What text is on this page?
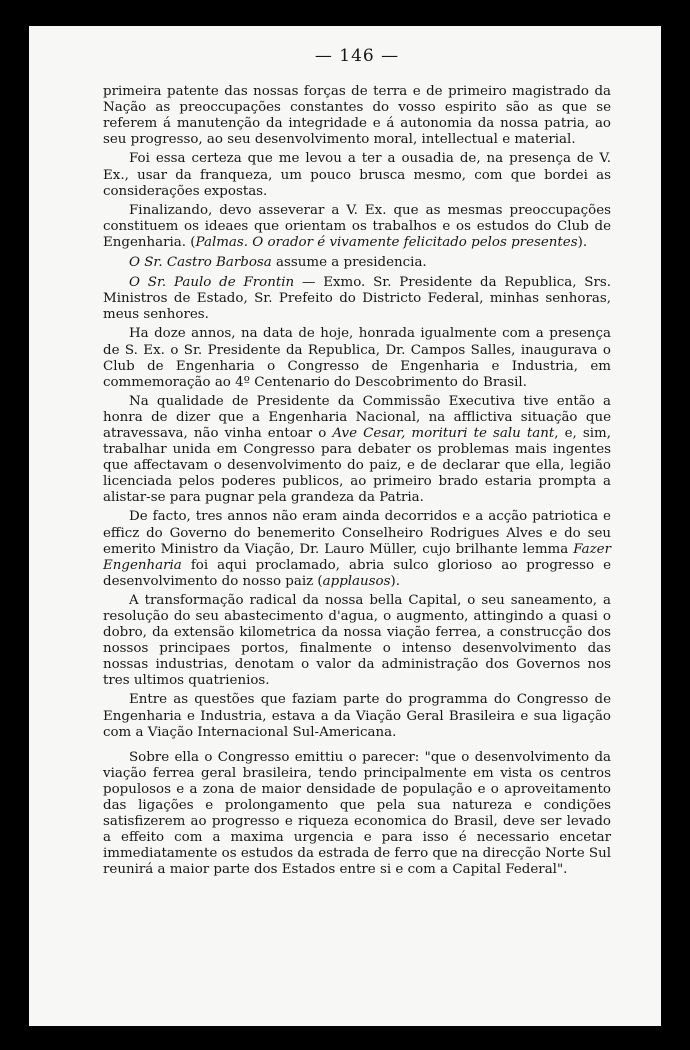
— 146 —

primeira patente das nossas forças de terra e de primeiro magistrado da Nação as preoccupações constantes do vosso espirito são as que se referem á manutenção da integridade e á autonomia da nossa patria, ao seu progresso, ao seu desenvolvimento moral, intellectual e material.

Foi essa certeza que me levou a ter a ousadia de, na presença de V. Ex., usar da franqueza, um pouco brusca mesmo, com que bordei as considerações expostas.

Finalizando, devo asseverar a V. Ex. que as mesmas preoccupações constituem os ideaes que orientam os trabalhos e os estudos do Club de Engenharia. (Palmas. O orador é vivamente felicitado pelos presentes).

O Sr. Castro Barbosa assume a presidencia.

O Sr. Paulo de Frontin — Exmo. Sr. Presidente da Republica, Srs. Ministros de Estado, Sr. Prefeito do Districto Federal, minhas senhoras, meus senhores.

Ha doze annos, na data de hoje, honrada igualmente com a presença de S. Ex. o Sr. Presidente da Republica, Dr. Campos Salles, inaugurava o Club de Engenharia o Congresso de Engenharia e Industria, em commemoração ao 4º Centenario do Descobrimento do Brasil.

Na qualidade de Presidente da Commissão Executiva tive então a honra de dizer que a Engenharia Nacional, na afflictiva situação que atravessava, não vinha entoar o Ave Cesar, morituri te salu tant, e, sim, trabalhar unida em Congresso para debater os problemas mais ingentes que affectavam o desenvolvimento do paiz, e de declarar que ella, legião licenciada pelos poderes publicos, ao primeiro brado estaria prompta a alistar-se para pugnar pela grandeza da Patria.

De facto, tres annos não eram ainda decorridos e a acção patriotica e efficz do Governo do benemerito Conselheiro Rodrigues Alves e do seu emerito Ministro da Viação, Dr. Lauro Müller, cujo brilhante lemma Fazer Engenharia foi aqui proclamado, abria sulco glorioso ao progresso e desenvolvimento do nosso paiz (applausos).

A transformação radical da nossa bella Capital, o seu saneamento, a resolução do seu abastecimento d'agua, o augmento, attingindo a quasi o dobro, da extensão kilometrica da nossa viação ferrea, a construcção dos nossos principaes portos, finalmente o intenso desenvolvimento das nossas industrias, denotam o valor da administração dos Governos nos tres ultimos quatrienios.

Entre as questões que faziam parte do programma do Congresso de Engenharia e Industria, estava a da Viação Geral Brasileira e sua ligação com a Viação Internacional Sul-Americana.

Sobre ella o Congresso emittiu o parecer: "que o desenvolvimento da viação ferrea geral brasileira, tendo principalmente em vista os centros populosos e a zona de maior densidade de população e o aproveitamento das ligações e prolongamento que pela sua natureza e condições satisfizerem ao progresso e riqueza economica do Brasil, deve ser levado a effeito com a maxima urgencia e para isso é necessario encetar immediatamente os estudos da estrada de ferro que na direcção Norte Sul reunirá a maior parte dos Estados entre si e com a Capital Federal".
